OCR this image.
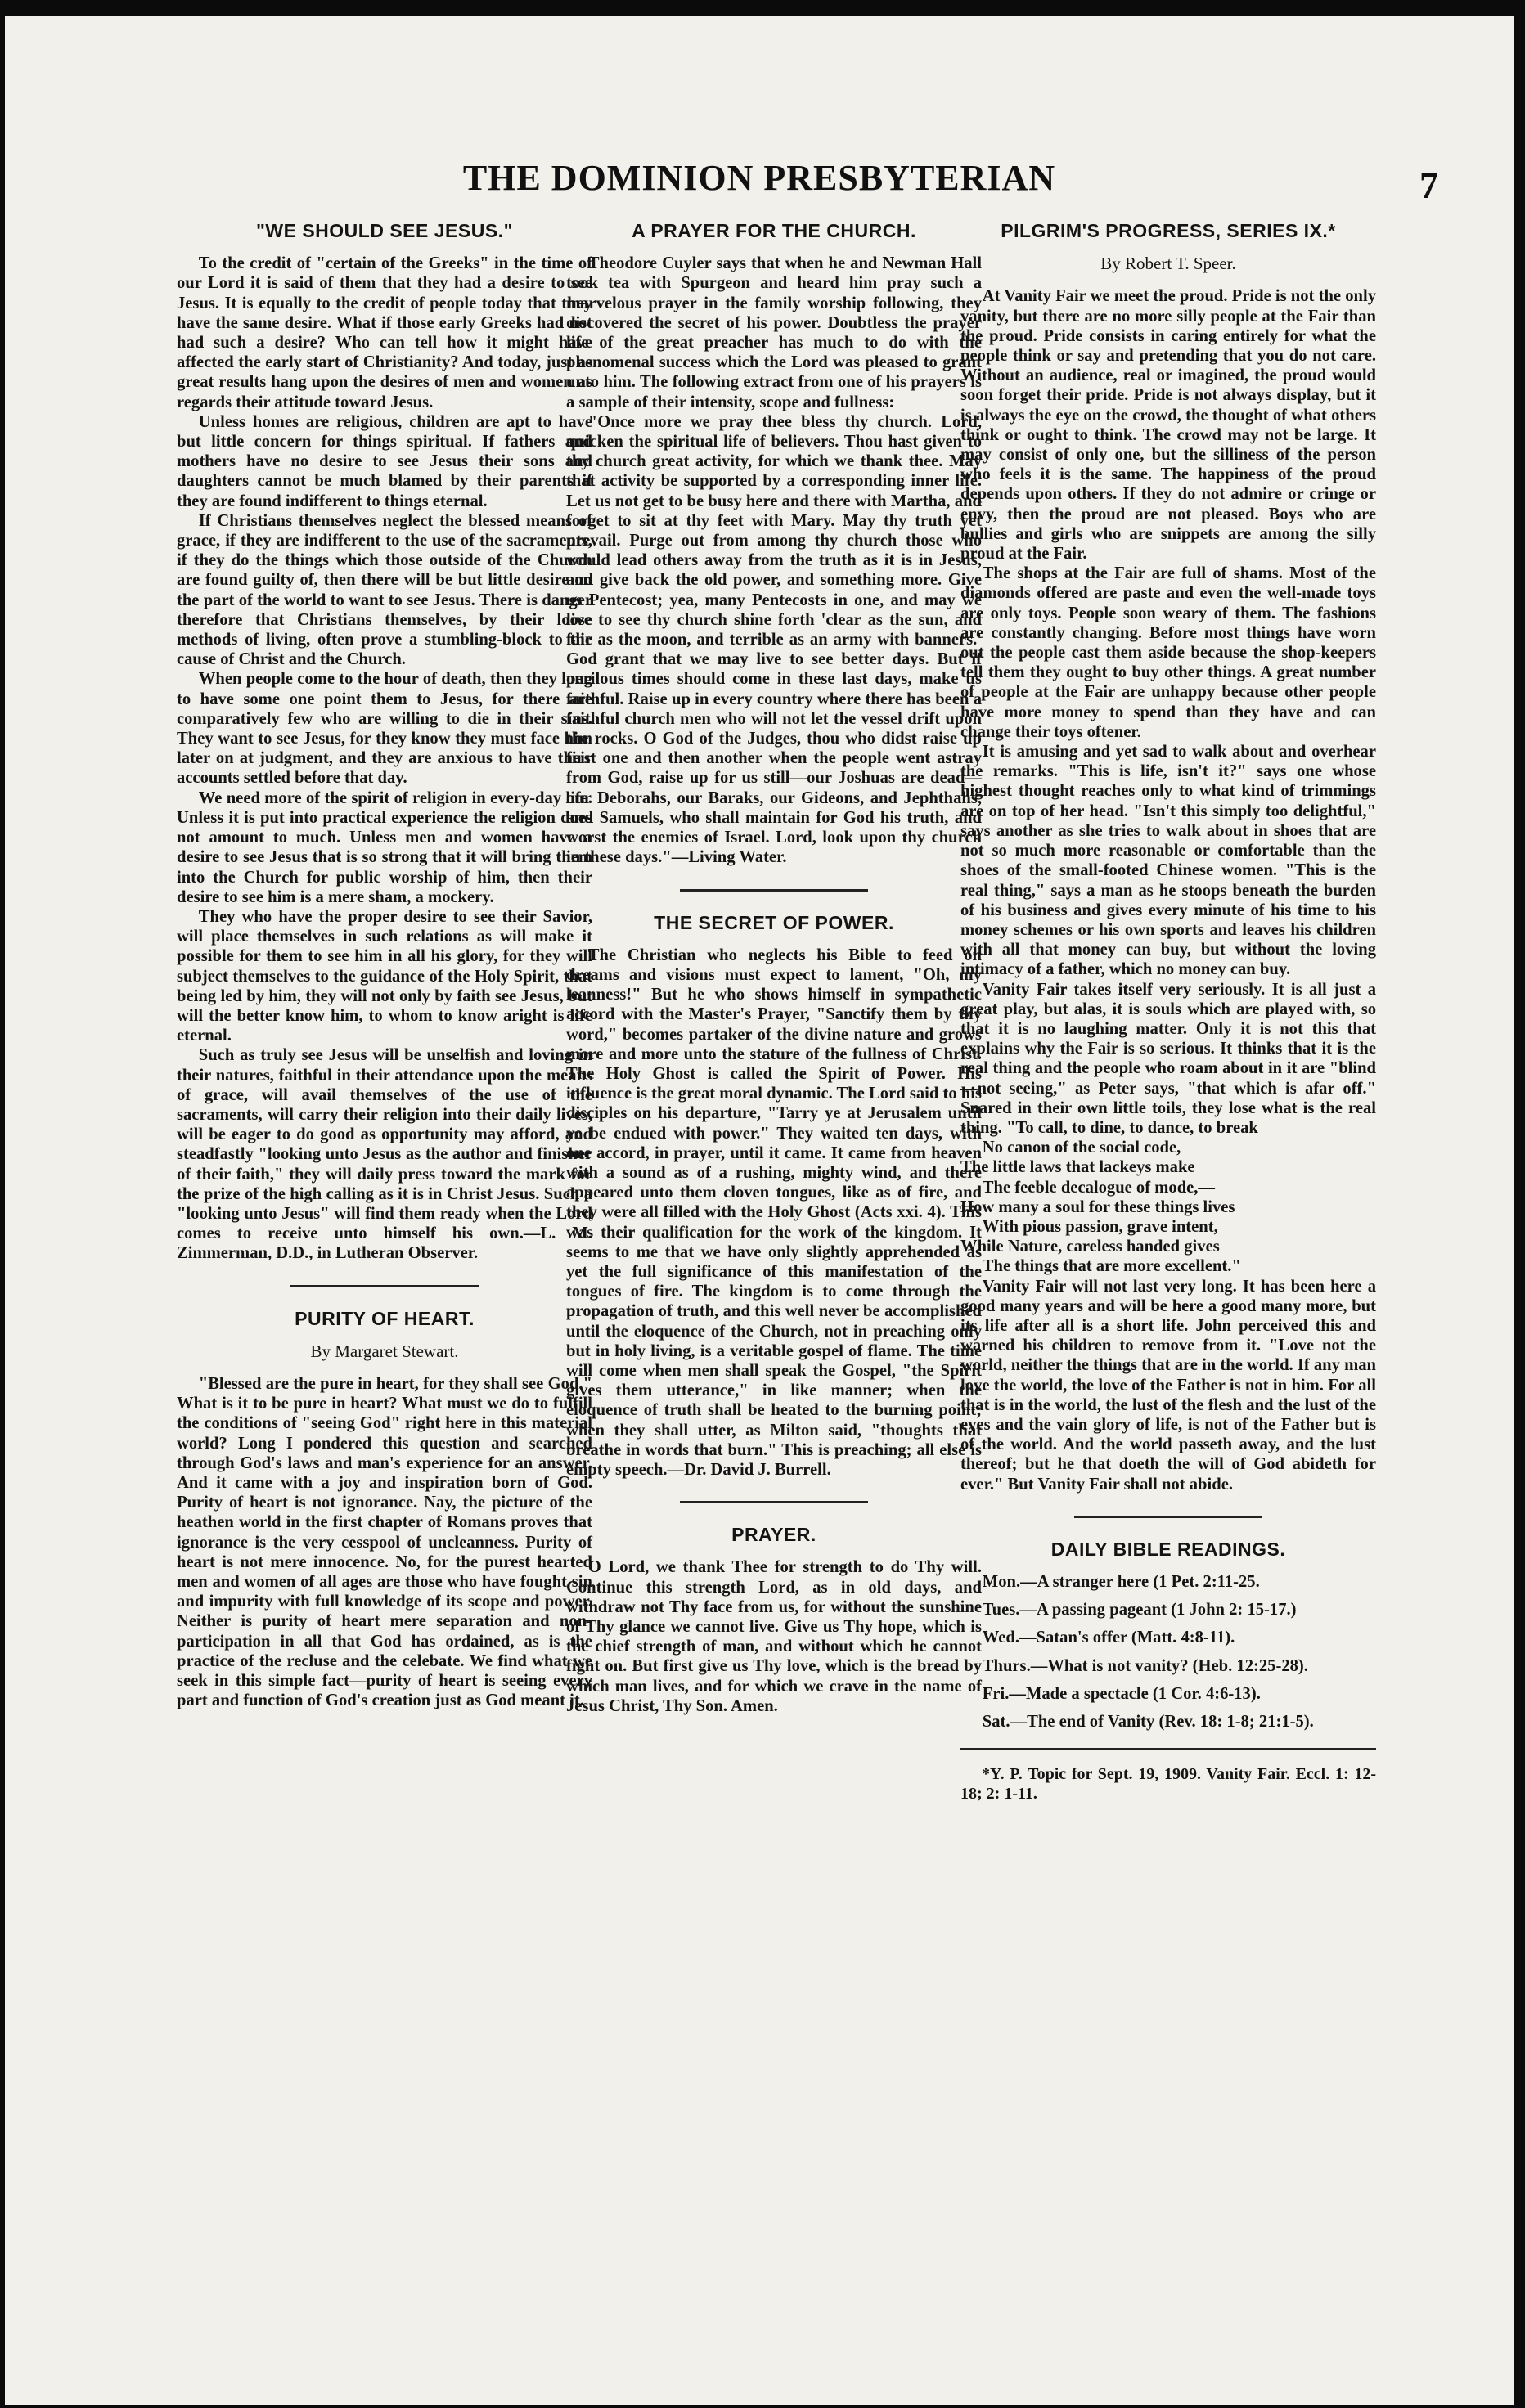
THE DOMINION PRESBYTERIAN	7
"WE SHOULD SEE JESUS."

To the credit of "certain of the Greeks" in the time of our Lord it is said of them that they had a desire to see Jesus. It is equally to the credit of people today that they have the same desire. What if those early Greeks had not had such a desire? Who can tell how it might have affected the early start of Christianity? And today, just as great results hang upon the desires of men and women as regards their attitude toward Jesus.

Unless homes are religious, children are apt to have but little concern for things spiritual. If fathers and mothers have no desire to see Jesus their sons and daughters cannot be much blamed by their parents if they are found indifferent to things eternal.

If Christians themselves neglect the blessed means of grace, if they are indifferent to the use of the sacraments, if they do the things which those outside of the Church are found guilty of, then there will be but little desire on the part of the world to want to see Jesus. There is danger therefore that Christians themselves, by their loose methods of living, often prove a stumbling-block to the cause of Christ and the Church.

When people come to the hour of death, then they long to have some one point them to Jesus, for there are comparatively few who are willing to die in their sins. They want to see Jesus, for they know they must face him later on at judgment, and they are anxious to have their accounts settled before that day.

We need more of the spirit of religion in every-day life. Unless it is put into practical experience the religion does not amount to much. Unless men and women have a desire to see Jesus that is so strong that it will bring them into the Church for public worship of him, then their desire to see him is a mere sham, a mockery.

They who have the proper desire to see their Savior, will place themselves in such relations as will make it possible for them to see him in all his glory, for they will subject themselves to the guidance of the Holy Spirit, that being led by him, they will not only by faith see Jesus, but will the better know him, to whom to know aright is life eternal.

Such as truly see Jesus will be unselfish and loving in their natures, faithful in their attendance upon the means of grace, will avail themselves of the use of the sacraments, will carry their religion into their daily lives, will be eager to do good as opportunity may afford, and steadfastly "looking unto Jesus as the author and finisher of their faith," they will daily press toward the mark for the prize of the high calling as it is in Christ Jesus. Such a "looking unto Jesus" will find them ready when the Lord comes to receive unto himself his own.—L. M. Zimmerman, D.D., in Lutheran Observer.

PURITY OF HEART.
By Margaret Stewart.

"Blessed are the pure in heart, for they shall see God." What is it to be pure in heart? What must we do to fulfill the conditions of "seeing God" right here in this material world? Long I pondered this question and searched through God's laws and man's experience for an answer. And it came with a joy and inspiration born of God. Purity of heart is not ignorance. Nay, the picture of the heathen world in the first chapter of Romans proves that ignorance is the very cesspool of uncleanness. Purity of heart is not mere innocence. No, for the purest hearted men and women of all ages are those who have fought sin and impurity with full knowledge of its scope and power. Neither is purity of heart mere separation and non-participation in all that God has ordained, as is the practice of the recluse and the celebate. We find what we seek in this simple fact—purity of heart is seeing every part and function of God's creation just as God meant it.

A PRAYER FOR THE CHURCH.

Theodore Cuyler says that when he and Newman Hall took tea with Spurgeon and heard him pray such a marvelous prayer in the family worship following, they discovered the secret of his power. Doubtless the prayer life of the great preacher has much to do with the phenomenal success which the Lord was pleased to grant unto him. The following extract from one of his prayers is a sample of their intensity, scope and fullness:

"Once more we pray thee bless thy church. Lord, quicken the spiritual life of believers. Thou hast given to thy church great activity, for which we thank thee. May that activity be supported by a corresponding inner life. Let us not get to be busy here and there with Martha, and forget to sit at thy feet with Mary. May thy truth yet prevail. Purge out from among thy church those who would lead others away from the truth as it is in Jesus, and give back the old power, and something more. Give us Pentecost; yea, many Pentecosts in one, and may we live to see thy church shine forth 'clear as the sun, and fair as the moon, and terrible as an army with banners.' God grant that we may live to see better days. But if perilous times should come in these last days, make us faithful. Raise up in every country where there has been a faithful church men who will not let the vessel drift upon the rocks. O God of the Judges, thou who didst raise up first one and then another when the people went astray from God, raise up for us still—our Joshuas are dead—our Deborahs, our Baraks, our Gideons, and Jephthahs, and Samuels, who shall maintain for God his truth, and worst the enemies of Israel. Lord, look upon thy church in these days."—Living Water.

THE SECRET OF POWER.

The Christian who neglects his Bible to feed on dreams and visions must expect to lament, "Oh, my leanness!" But he who shows himself in sympathetic accord with the Master's Prayer, "Sanctify them by thy word," becomes partaker of the divine nature and grows more and more unto the stature of the fullness of Christ. The Holy Ghost is called the Spirit of Power. His influence is the great moral dynamic. The Lord said to his disciples on his departure, "Tarry ye at Jerusalem until ye be endued with power." They waited ten days, with one accord, in prayer, until it came. It came from heaven with a sound as of a rushing, mighty wind, and there appeared unto them cloven tongues, like as of fire, and they were all filled with the Holy Ghost (Acts xxi. 4). This was their qualification for the work of the kingdom. It seems to me that we have only slightly apprehended as yet the full significance of this manifestation of the tongues of fire. The kingdom is to come through the propagation of truth, and this well never be accomplished until the eloquence of the Church, not in preaching only but in holy living, is a veritable gospel of flame. The time will come when men shall speak the Gospel, "the Spirit gives them utterance," in like manner; when the eloquence of truth shall be heated to the burning point; when they shall utter, as Milton said, "thoughts that breathe in words that burn." This is preaching; all else is empty speech.—Dr. David J. Burrell.

PRAYER.

O Lord, we thank Thee for strength to do Thy will. Continue this strength Lord, as in old days, and withdraw not Thy face from us, for without the sunshine of Thy glance we cannot live. Give us Thy hope, which is the chief strength of man, and without which he cannot fight on. But first give us Thy love, which is the bread by which man lives, and for which we crave in the name of Jesus Christ, Thy Son. Amen.

PILGRIM'S PROGRESS, SERIES IX.*
By Robert T. Speer.

At Vanity Fair we meet the proud. Pride is not the only vanity, but there are no more silly people at the Fair than the proud. Pride consists in caring entirely for what the people think or say and pretending that you do not care. Without an audience, real or imagined, the proud would soon forget their pride. Pride is not always display, but it is always the eye on the crowd, the thought of what others think or ought to think. The crowd may not be large. It may consist of only one, but the silliness of the person who feels it is the same. The happiness of the proud depends upon others. If they do not admire or cringe or envy, then the proud are not pleased. Boys who are bullies and girls who are snippets are among the silly proud at the Fair.

The shops at the Fair are full of shams. Most of the diamonds offered are paste and even the well-made toys are only toys. People soon weary of them. The fashions are constantly changing. Before most things have worn out the people cast them aside because the shop-keepers tell them they ought to buy other things. A great number of people at the Fair are unhappy because other people have more money to spend than they have and can change their toys oftener.

It is amusing and yet sad to walk about and overhear the remarks. "This is life, isn't it?" says one whose highest thought reaches only to what kind of trimmings are on top of her head. "Isn't this simply too delightful," says another as she tries to walk about in shoes that are not so much more reasonable or comfortable than the shoes of the small-footed Chinese women. "This is the real thing," says a man as he stoops beneath the burden of his business and gives every minute of his time to his money schemes or his own sports and leaves his children with all that money can buy, but without the loving intimacy of a father, which no money can buy.

Vanity Fair takes itself very seriously. It is all just a great play, but alas, it is souls which are played with, so that it is no laughing matter. Only it is not this that explains why the Fair is so serious. It thinks that it is the real thing and the people who roam about in it are "blind—not seeing," as Peter says, "that which is afar off." Snared in their own little toils, they lose what is the real thing. "To call, to dine, to dance, to break

No canon of the social code,

The little laws that lackeys make

The feeble decalogue of mode,—

How many a soul for these things lives

With pious passion, grave intent,

While Nature, careless handed gives

The things that are more excellent."

Vanity Fair will not last very long. It has been here a good many years and will be here a good many more, but its life after all is a short life. John perceived this and warned his children to remove from it. "Love not the world, neither the things that are in the world. If any man love the world, the love of the Father is not in him. For all that is in the world, the lust of the flesh and the lust of the eyes and the vain glory of life, is not of the Father but is of the world. And the world passeth away, and the lust thereof; but he that doeth the will of God abideth for ever." But Vanity Fair shall not abide.

DAILY BIBLE READINGS.

Mon.—A stranger here (1 Pet. 2:11-25.

Tues.—A passing pageant (1 John 2: 15-17.)

Wed.—Satan's offer (Matt. 4:8-11).

Thurs.—What is not vanity? (Heb. 12:25-28).

Fri.—Made a spectacle (1 Cor. 4:6-13).

Sat.—The end of Vanity (Rev. 18: 1-8; 21:1-5).

*Y. P. Topic for Sept. 19, 1909. Vanity Fair. Eccl. 1: 12-18; 2: 1-11.
